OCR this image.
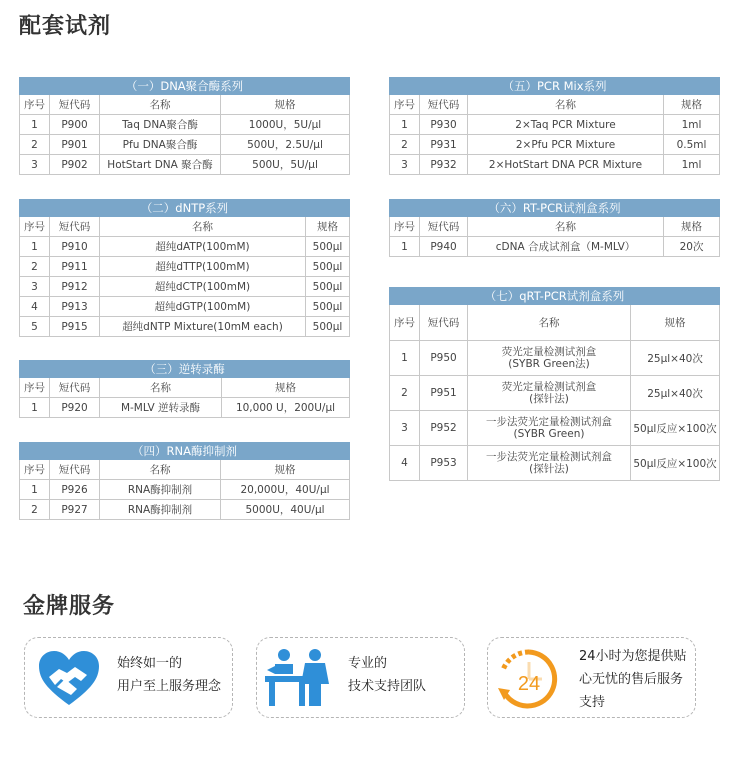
配套试剂
（一）DNA聚合酶系列			
序号	短代码	名称	规格
1	P900	Taq DNA聚合酶	1000U，5U/μl
2	P901	Pfu DNA聚合酶	500U，2.5U/μl
3	P902	HotStart DNA 聚合酶	500U，5U/μl
（二）dNTP系列			
序号	短代码	名称	规格
1	P910	超纯dATP(100mM)	500μl
2	P911	超纯dTTP(100mM)	500μl
3	P912	超纯dCTP(100mM)	500μl
4	P913	超纯dGTP(100mM)	500μl
5	P915	超纯dNTP Mixture(10mM each)	500μl
（三）逆转录酶			
序号	短代码	名称	规格
1	P920	M-MLV 逆转录酶	10,000 U，200U/μl
（四）RNA酶抑制剂			
序号	短代码	名称	规格
1	P926	RNA酶抑制剂	20,000U，40U/μl
2	P927	RNA酶抑制剂	5000U，40U/μl
（五）PCR Mix系列			
序号	短代码	名称	规格
1	P930	2×Taq PCR Mixture	1ml
2	P931	2×Pfu PCR Mixture	0.5ml
3	P932	2×HotStart DNA PCR Mixture	1ml
（六）RT-PCR试剂盒系列			
序号	短代码	名称	规格
1	P940	cDNA 合成试剂盒（M-MLV）	20次
（七）qRT-PCR试剂盒系列			
序号	短代码	名称	规格
1	P950	荧光定量检测试剂盒
(SYBR Green法)	25μl×40次
2	P951	荧光定量检测试剂盒
(探针法)	25μl×40次
3	P952	一步法荧光定量检测试剂盒
(SYBR Green)	50μl反应×100次
4	P953	一步法荧光定量检测试剂盒
(探针法)	50μl反应×100次
金牌服务
始终如一的
用户至上服务理念
专业的
技术支持团队	24
24小时为您提供贴
心无忧的售后服务
支持
